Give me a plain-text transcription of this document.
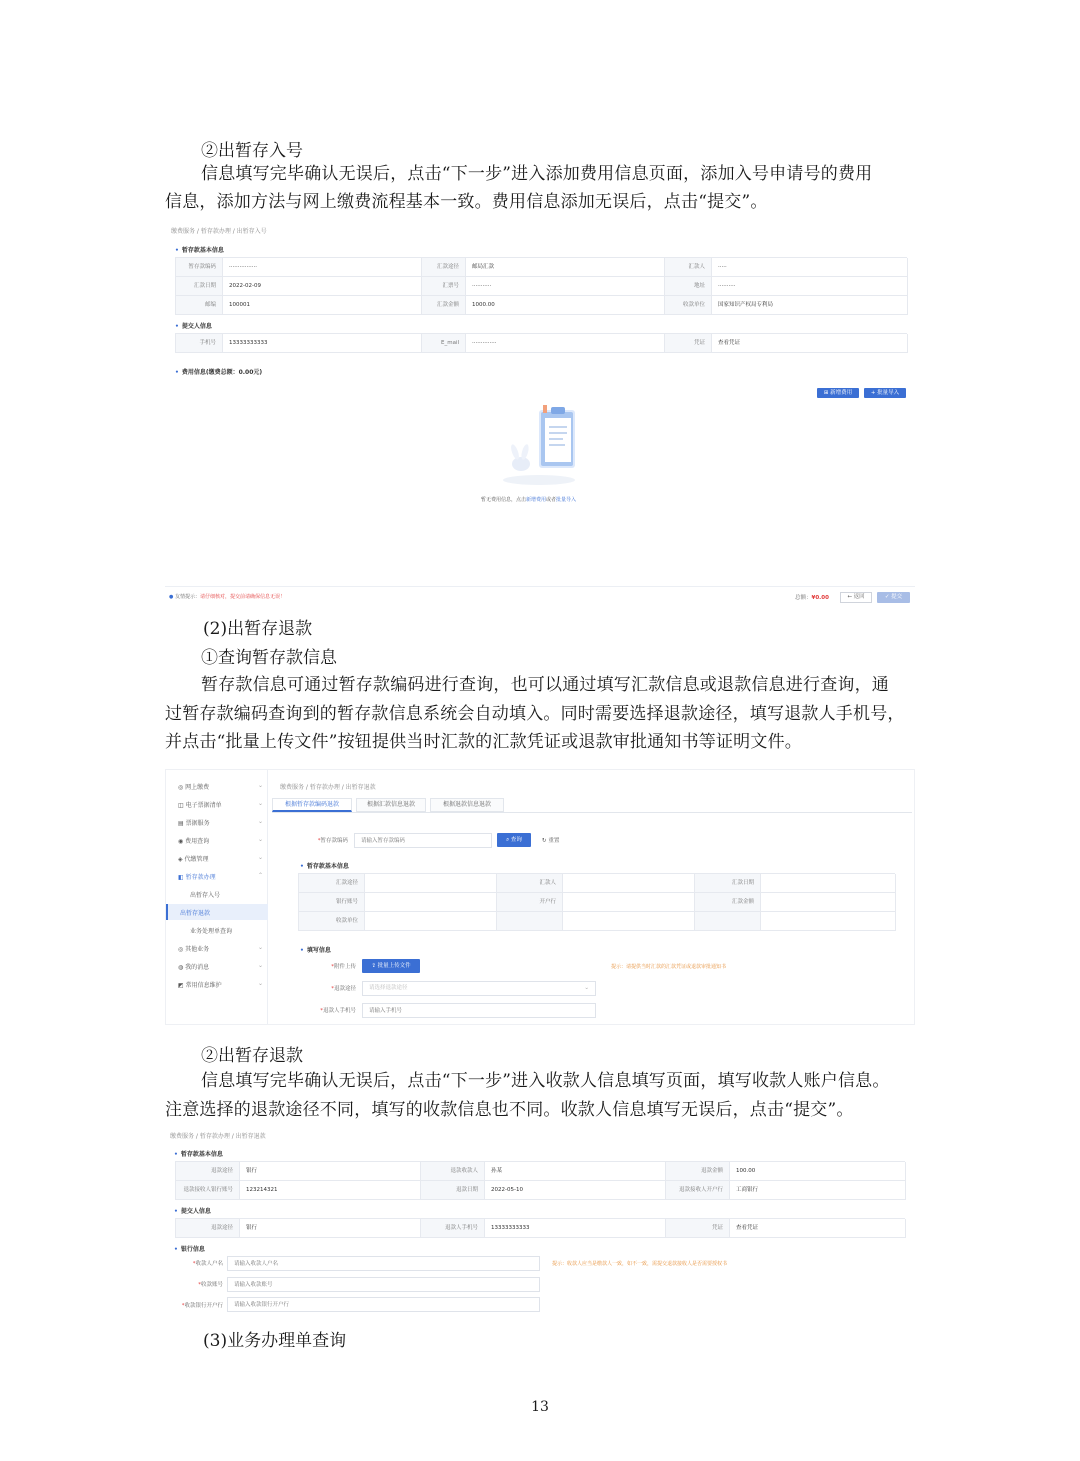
②出暂存入号
信息填写完毕确认无误后，点击“下一步”进入添加费用信息页面，添加入号申请号的费用
信息，添加方法与网上缴费流程基本一致。费用信息添加无误后，点击“提交”。
缴费服务 / 暂存款办理 / 出暂存入号
• 暂存款基本信息
暂存款编码	················	汇款途径	邮局汇款	汇款人	·····
汇款日期	2022-02-09	汇票号	···········	地址	··········
邮编	100001	汇款金额	1000.00	收款单位	国家知识产权局专利局
• 提交人信息
手机号	13333333333	E_mail	··············	凭证	查看凭证
• 费用信息(缴费总额：0.00元)
⊞ 新增费用	+ 批量导入
暂无费用信息，点击新增费用或者批量导入
● 友情提示：请仔细核对，提交前请确保信息无误！	总额：¥0.00	← 返回	✓ 提交
(2)出暂存退款
①查询暂存款信息
暂存款信息可通过暂存款编码进行查询，也可以通过填写汇款信息或退款信息进行查询，通
过暂存款编码查询到的暂存款信息系统会自动填入。同时需要选择退款途径，填写退款人手机号，
并点击“批量上传文件”按钮提供当时汇款的汇款凭证或退款审批通知书等证明文件。
◎ 网上缴费	⌄
◫ 电子票据清单	⌄
▤ 票据服务	⌄
◉ 费用查询	⌄
◈ 代缴管理	⌄
◧ 暂存款办理	⌃
出暂存入号
出暂存退款
业务处理单查询
◎ 其他业务	⌄
◍ 我的消息	⌄
◩ 常用信息维护	⌄
缴费服务 / 暂存款办理 / 出暂存退款
根据暂存款编码退款	根据汇款信息退款	根据退款信息退款
*暂存款编码
请输入暂存款编码	⌕ 查询	↻ 重置
• 暂存款基本信息
汇款途径	汇款人	汇款日期
银行账号	开户行	汇款金额
收款单位
• 填写信息
*附件上传	⇪ 批量上传文件	提示：请提供当时汇款的汇款凭证或退款审批通知书
*退款途径	请选择退款途径	⌄
*退款人手机号
请输入手机号
②出暂存退款
信息填写完毕确认无误后，点击“下一步”进入收款人信息填写页面，填写收款人账户信息。
注意选择的退款途径不同，填写的收款信息也不同。收款人信息填写无误后，点击“提交”。
缴费服务 / 暂存款办理 / 出暂存退款
• 暂存款基本信息
退款途径	银行	退款收款人	孙某	退款金额	100.00
退款接收人银行账号	123214321	退款日期	2022-05-10	退款接收人开户行	工商银行
• 提交人信息
退款途径	银行	退款人手机号	13333333333	凭证	查看凭证
• 银行信息
*收款人户名
请输入收款人户名	提示：收款人应当是缴款人一致，如不一致，需提交退款接收人是否需要授权书
*收款账号
请输入收款账号
*收款银行开户行
请输入收款银行开户行
(3)业务办理单查询
13
